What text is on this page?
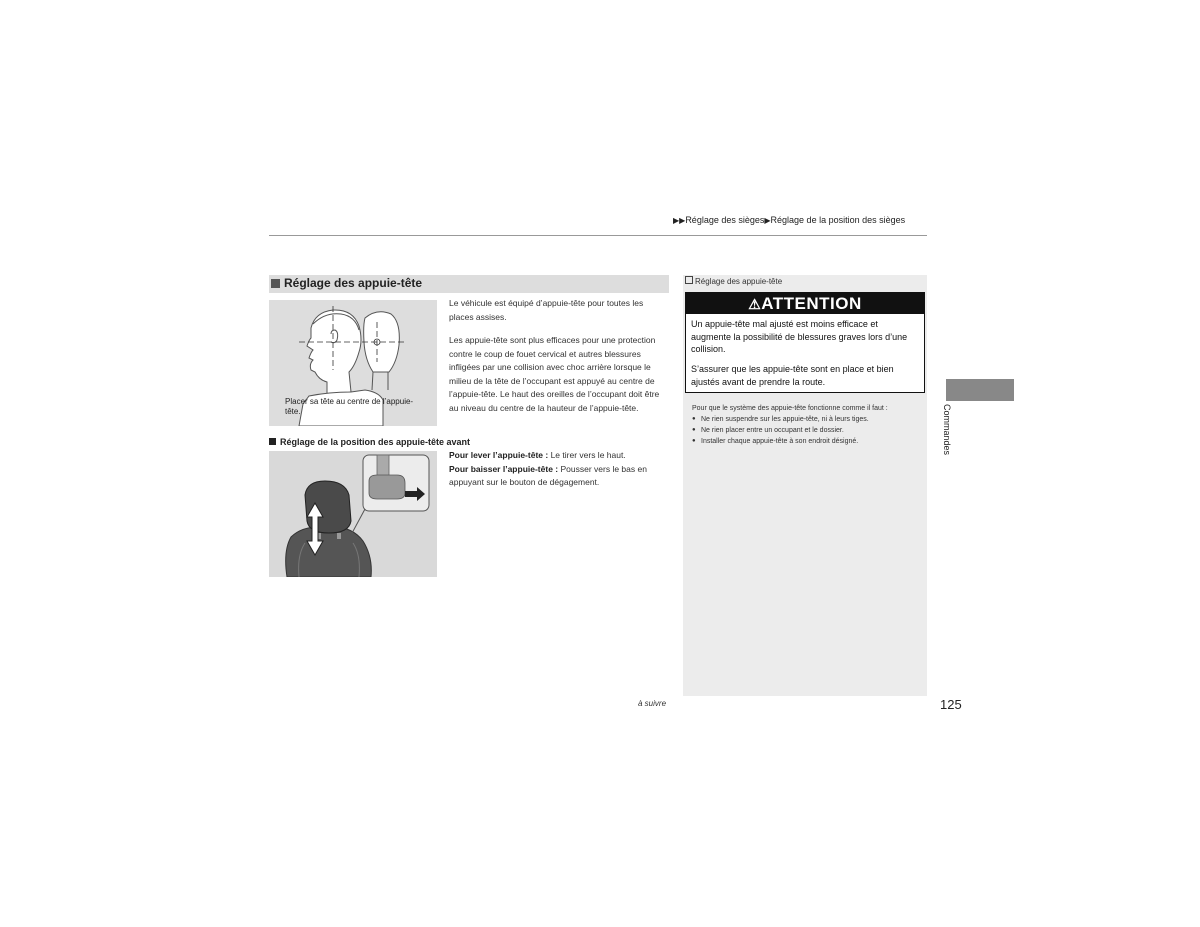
▶▶Réglage des sièges▶Réglage de la position des sièges
Réglage des appuie-tête
Placer sa tête au centre de l’appuie-tête.
Le véhicule est équipé d’appuie-tête pour toutes les places assises.
Les appuie-tête sont plus efficaces pour une protection contre le coup de fouet cervical et autres blessures infligées par une collision avec choc arrière lorsque le milieu de la tête de l’occupant est appuyé au centre de l’appuie-tête. Le haut des oreilles de l’occupant doit être au niveau du centre de la hauteur de l’appuie-tête.
Réglage de la position des appuie-tête avant
Pour lever l’appuie-tête : Le tirer vers le haut.
Pour baisser l’appuie-tête : Pousser vers le bas en appuyant sur le bouton de dégagement.
Réglage des appuie-tête
⚠ATTENTION
Un appuie-tête mal ajusté est moins efficace et augmente la possibilité de blessures graves lors d’une collision.
S’assurer que les appuie-tête sont en place et bien ajustés avant de prendre la route.
Pour que le système des appuie-tête fonctionne comme il faut :
● Ne rien suspendre sur les appuie-tête, ni à leurs tiges.
● Ne rien placer entre un occupant et le dossier.
● Installer chaque appuie-tête à son endroit désigné.	Commandes
à suivre	125
